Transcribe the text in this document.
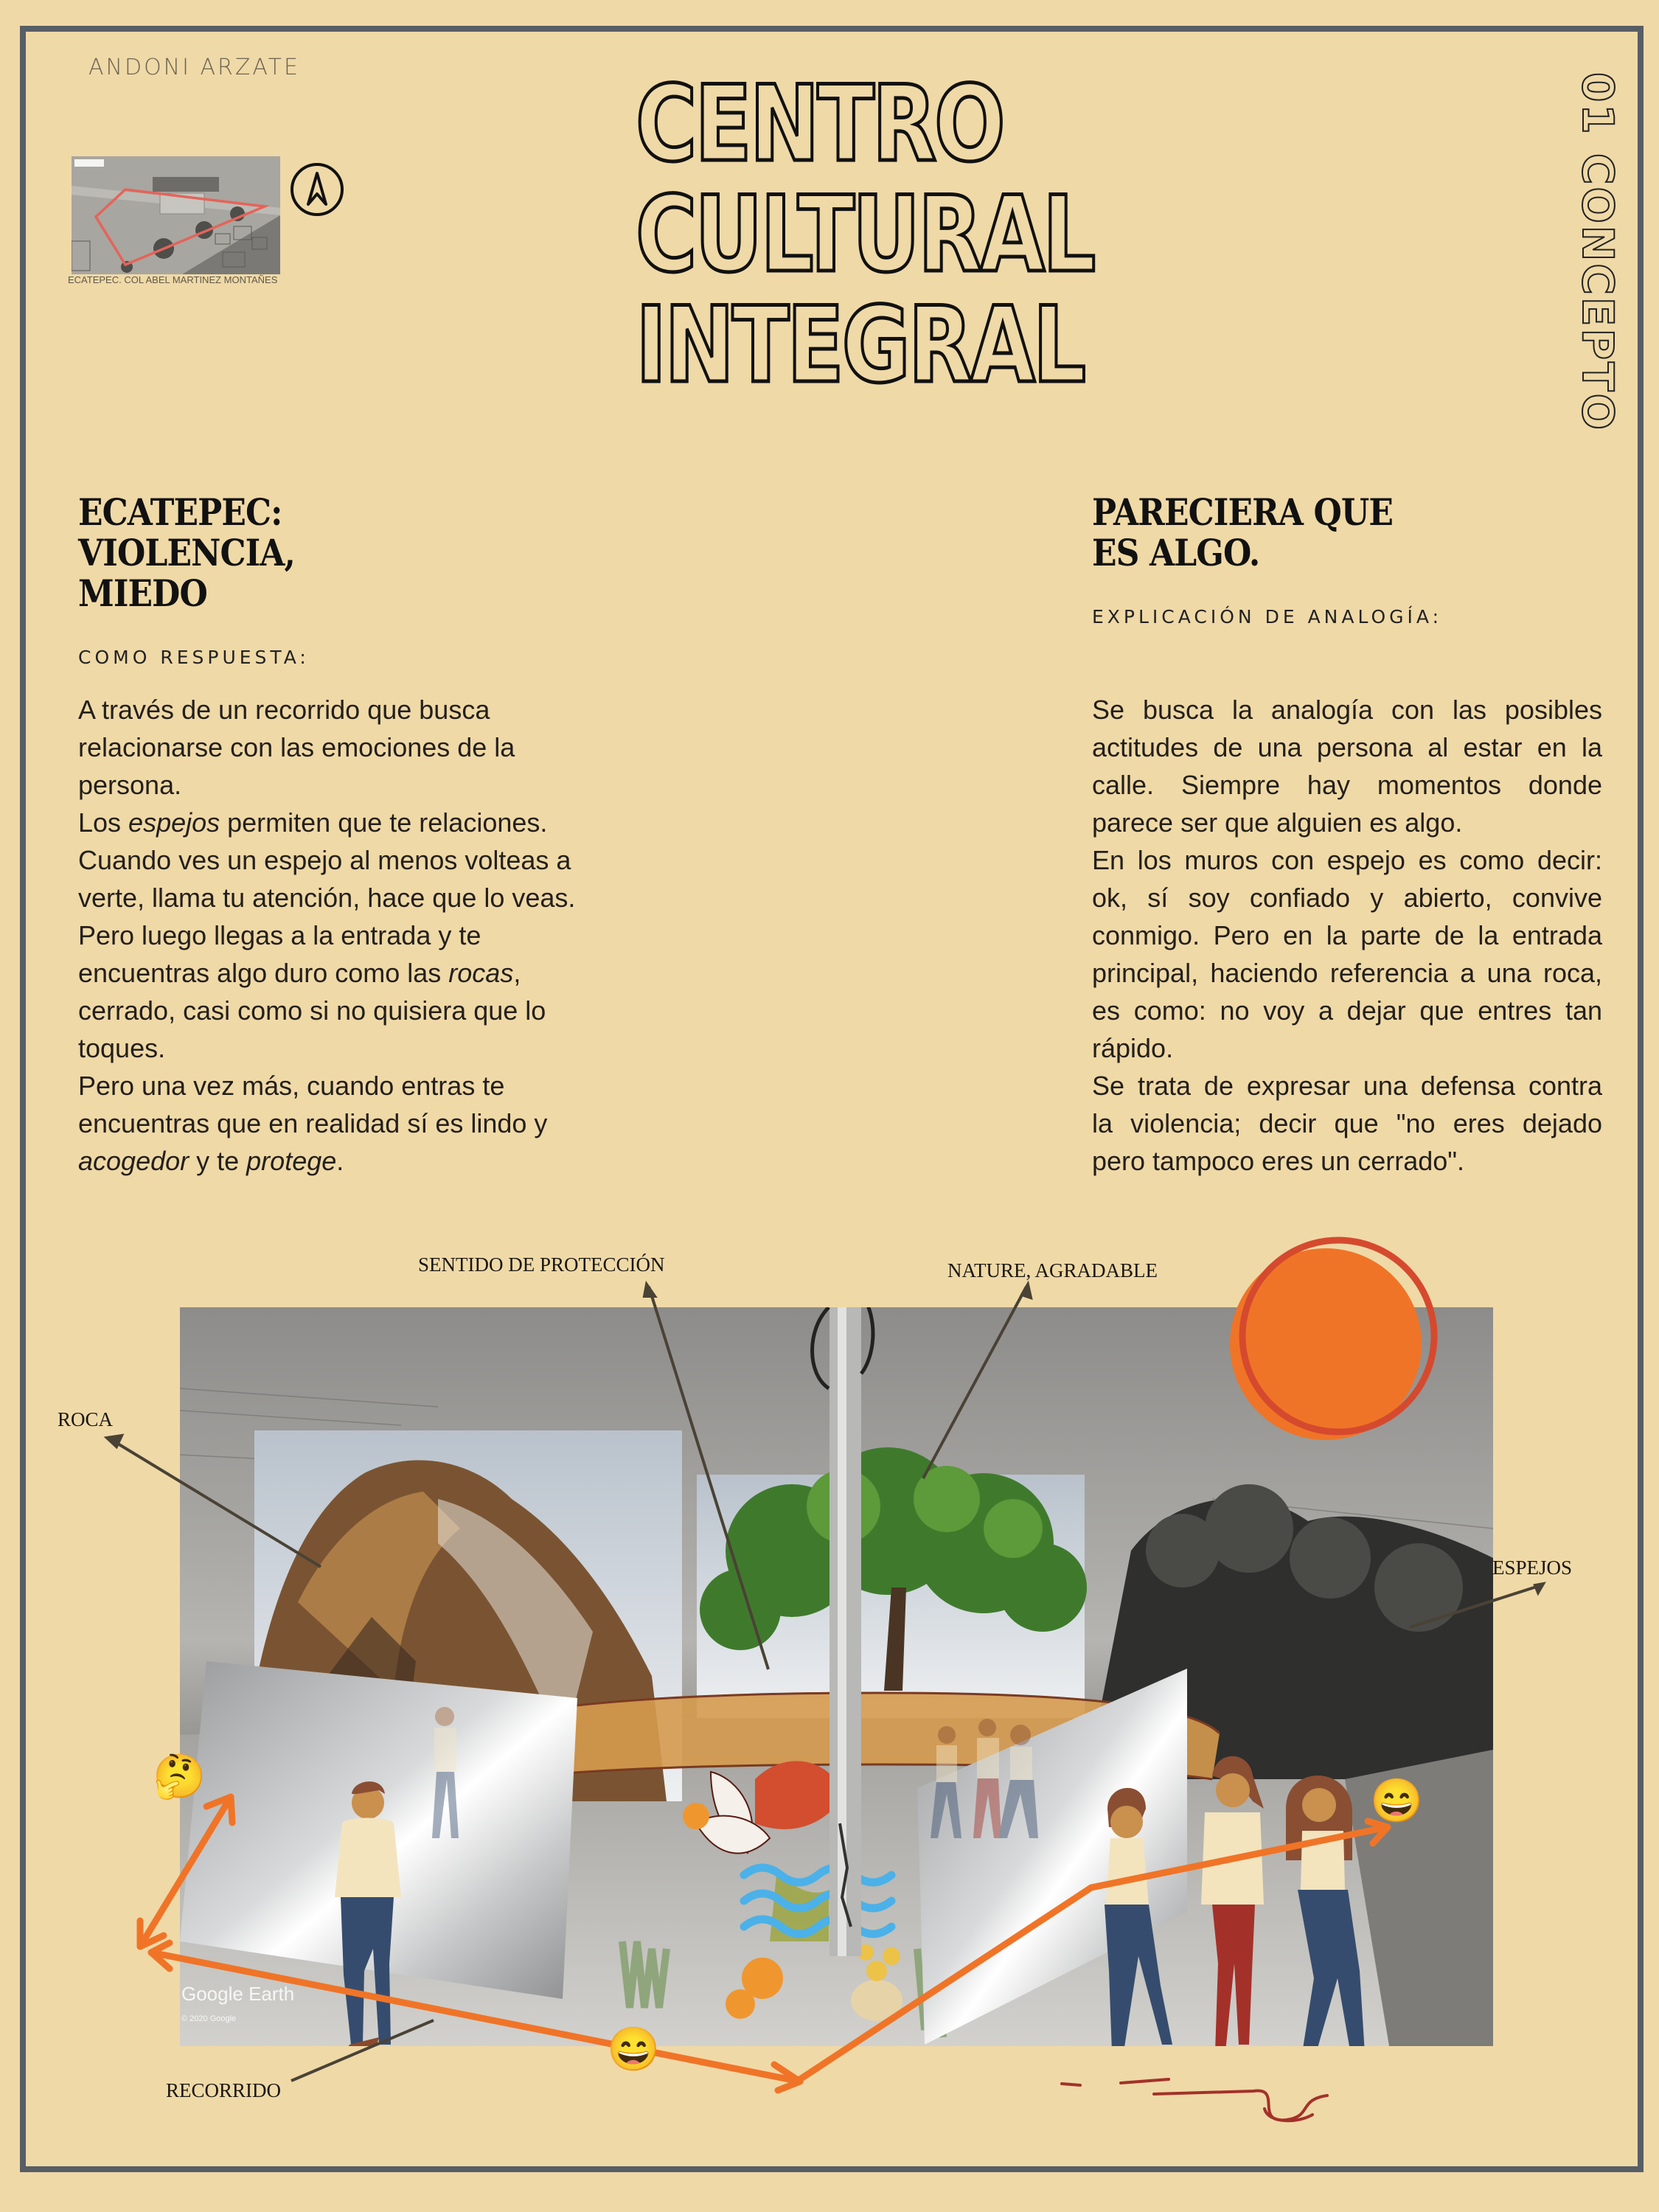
ANDONI ARZATE
ECATEPEC. COL ABEL MARTINEZ MONTAÑES
CENTRO
CULTURAL
INTEGRAL	01 CONCEPTO
ECATEPEC:
VIOLENCIA,
MIEDO
COMO RESPUESTA:
A través de un recorrido que busca
relacionarse con las emociones de la
persona.
Los espejos permiten que te relaciones.
Cuando ves un espejo al menos volteas a
verte, llama tu atención, hace que lo veas.
Pero luego llegas a la entrada y te
encuentras algo duro como las rocas,
cerrado, casi como si no quisiera que lo
toques.
Pero una vez más, cuando entras te
encuentras que en realidad sí es lindo y
acogedor y te protege.
PARECIERA QUE
ES ALGO.
EXPLICACIÓN DE ANALOGÍA:
Se busca la analogía con las posibles
actitudes de una persona al estar en la
calle. Siempre hay momentos donde
parece ser que alguien es algo.
En los muros con espejo es como decir:
ok, sí soy confiado y abierto, convive
conmigo. Pero en la parte de la entrada
principal, haciendo referencia a una roca,
es como: no voy a dejar que entres tan
rápido.
Se trata de expresar una defensa contra
la violencia; decir que "no eres dejado
pero tampoco eres un cerrado".
Google Earth
© 2020 Google
🤔
😄
😄
ROCA
SENTIDO DE PROTECCIÓN	NATURE, AGRADABLE
ESPEJOS
RECORRIDO
